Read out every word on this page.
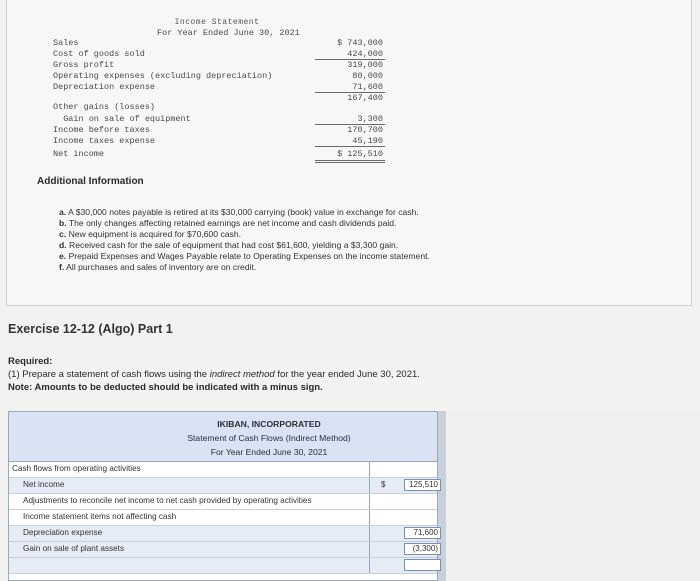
Income Statement
For Year Ended June 30, 2021
Sales	$ 743,000
Cost of goods sold	424,000
Gross profit	319,000
Operating expenses (excluding depreciation)	80,000
Depreciation expense	71,600
167,400
Other gains (losses)
Gain on sale of equipment	3,300
Income before taxes	170,700
Income taxes expense	45,190
Net income	$ 125,510
Additional Information
a. A $30,000 notes payable is retired at its $30,000 carrying (book) value in exchange for cash.
b. The only changes affecting retained earnings are net income and cash dividends paid.
c. New equipment is acquired for $70,600 cash.
d. Received cash for the sale of equipment that had cost $61,600, yielding a $3,300 gain.
e. Prepaid Expenses and Wages Payable relate to Operating Expenses on the income statement.
f. All purchases and sales of inventory are on credit.
Exercise 12-12 (Algo) Part 1
Required:
(1) Prepare a statement of cash flows using the indirect method for the year ended June 30, 2021.
Note: Amounts to be deducted should be indicated with a minus sign.
IKIBAN, INCORPORATED
Statement of Cash Flows (Indirect Method)
For Year Ended June 30, 2021
Cash flows from operating activities
Net income	$	125,510
Adjustments to reconcile net income to net cash provided by operating activities
Income statement items not affecting cash
Depreciation expense	71,600
Gain on sale of plant assets	(3,300)
